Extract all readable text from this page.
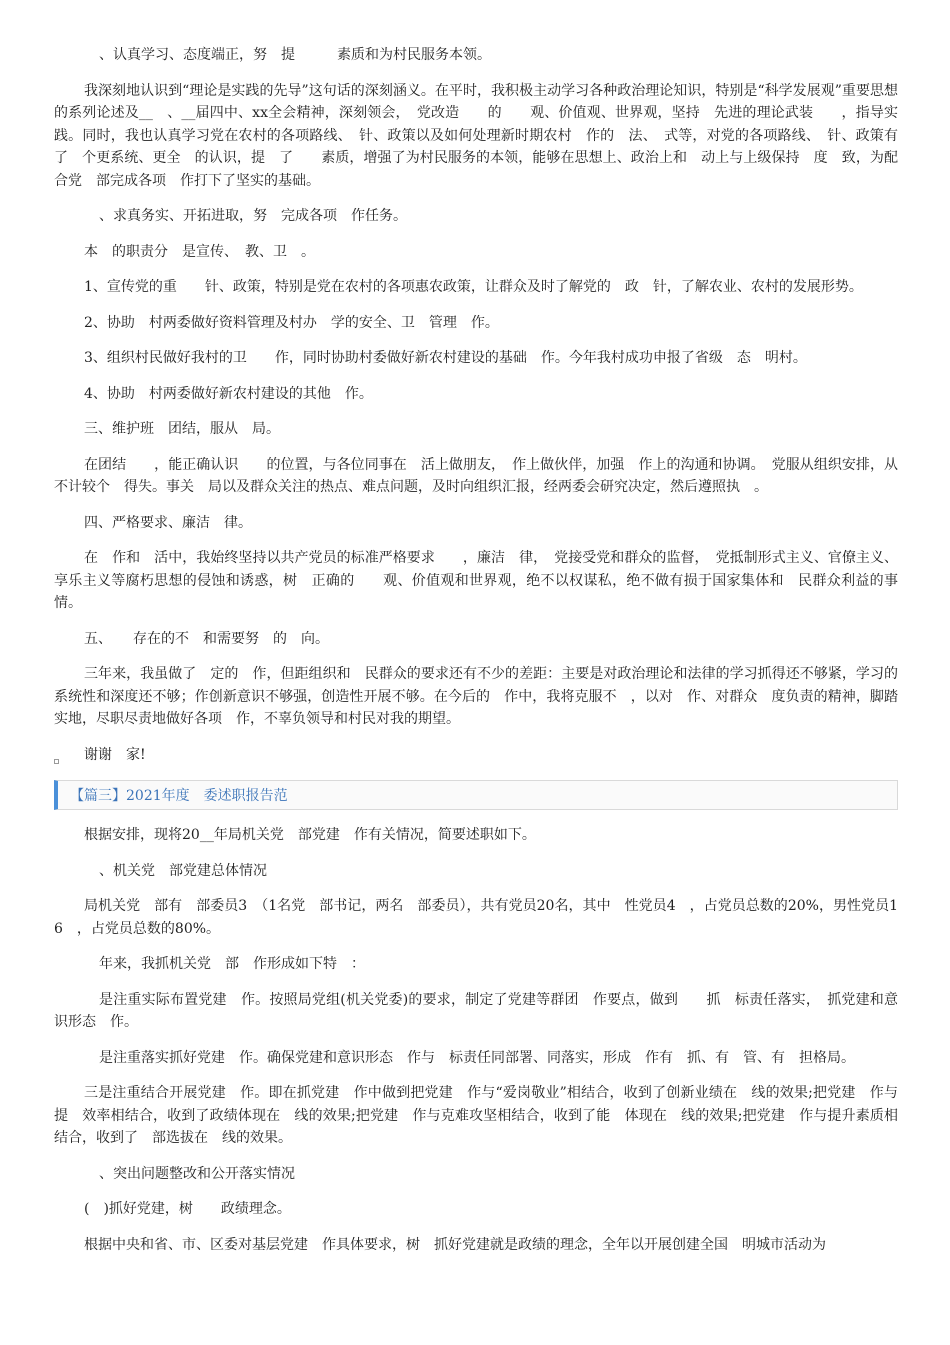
、认真学习、态度端正，努　提　　　素质和为村民服务本领。

我深刻地认识到“理论是实践的先导”这句话的深刻涵义。在平时，我积极主动学习各种政治理论知识，特别是“科学发展观”重要思想的系列论述及__　、__届四中、xx全会精神，深刻领会，　党改造　　的　　观、价值观、世界观，坚持　先进的理论武装　　，指导实践。同时，我也认真学习党在农村的各项路线、　针、政策以及如何处理新时期农村　作的　法、　式等，对党的各项路线、　针、政策有了　个更系统、更全　的认识，提　了　　素质，增强了为村民服务的本领，能够在思想上、政治上和　动上与上级保持　度　致，为配合党　部完成各项　作打下了坚实的基础。

、求真务实、开拓进取，努　完成各项　作任务。

本　的职责分　是宣传、　教、卫　。

1、宣传党的重　　针、政策，特别是党在农村的各项惠农政策，让群众及时了解党的　政　针，了解农业、农村的发展形势。

2、协助　村两委做好资料管理及村办　学的安全、卫　管理　作。

3、组织村民做好我村的卫　　作，同时协助村委做好新农村建设的基础　作。今年我村成功申报了省级　态　明村。

4、协助　村两委做好新农村建设的其他　作。

三、维护班　团结，服从　局。

在团结　　，能正确认识　　的位置，与各位同事在　活上做朋友，　作上做伙伴，加强　作上的沟通和协调。　党服从组织安排，从不计较个　得失。事关　局以及群众关注的热点、难点问题，及时向组织汇报，经两委会研究决定，然后遵照执　。

四、严格要求、廉洁　律。

在　作和　活中，我始终坚持以共产党员的标准严格要求　　，廉洁　律，　党接受党和群众的监督，　党抵制形式主义、官僚主义、享乐主义等腐朽思想的侵蚀和诱惑，树　正确的　　观、价值观和世界观，绝不以权谋私，绝不做有损于国家集体和　民群众利益的事情。

五、　　存在的不　和需要努　的　向。

三年来，我虽做了　定的　作，但距组织和　民群众的要求还有不少的差距：主要是对政治理论和法律的学习抓得还不够紧，学习的系统性和深度还不够；作创新意识不够强，创造性开展不够。在今后的　作中，我将克服不　，以对　作、对群众　度负责的精神，脚踏实地，尽职尽责地做好各项　作，不辜负领导和村民对我的期望。

谢谢　家!

【篇三】2021年度　委述职报告范

根据安排，现将20__年局机关党　部党建　作有关情况，简要述职如下。

、机关党　部党建总体情况

局机关党　部有　部委员3　（1名党　部书记，两名　部委员），共有党员20名，其中　性党员4　，占党员总数的20%，男性党员16　，占党员总数的80%。

年来，我抓机关党　部　作形成如下特　：

是注重实际布置党建　作。按照局党组(机关党委)的要求，制定了党建等群团　作要点，做到　　抓　标责任落实，　抓党建和意识形态　作。

是注重落实抓好党建　作。确保党建和意识形态　作与　标责任同部署、同落实，形成　作有　抓、有　管、有　担格局。

三是注重结合开展党建　作。即在抓党建　作中做到把党建　作与“爱岗敬业”相结合，收到了创新业绩在　线的效果;把党建　作与提　效率相结合，收到了政绩体现在　线的效果;把党建　作与克难攻坚相结合，收到了能　体现在　线的效果;把党建　作与提升素质相结合，收到了　部选拔在　线的效果。

、突出问题整改和公开落实情况

(　)抓好党建，树　　政绩理念。

根据中央和省、市、区委对基层党建　作具体要求，树　抓好党建就是政绩的理念，全年以开展创建全国　明城市活动为
